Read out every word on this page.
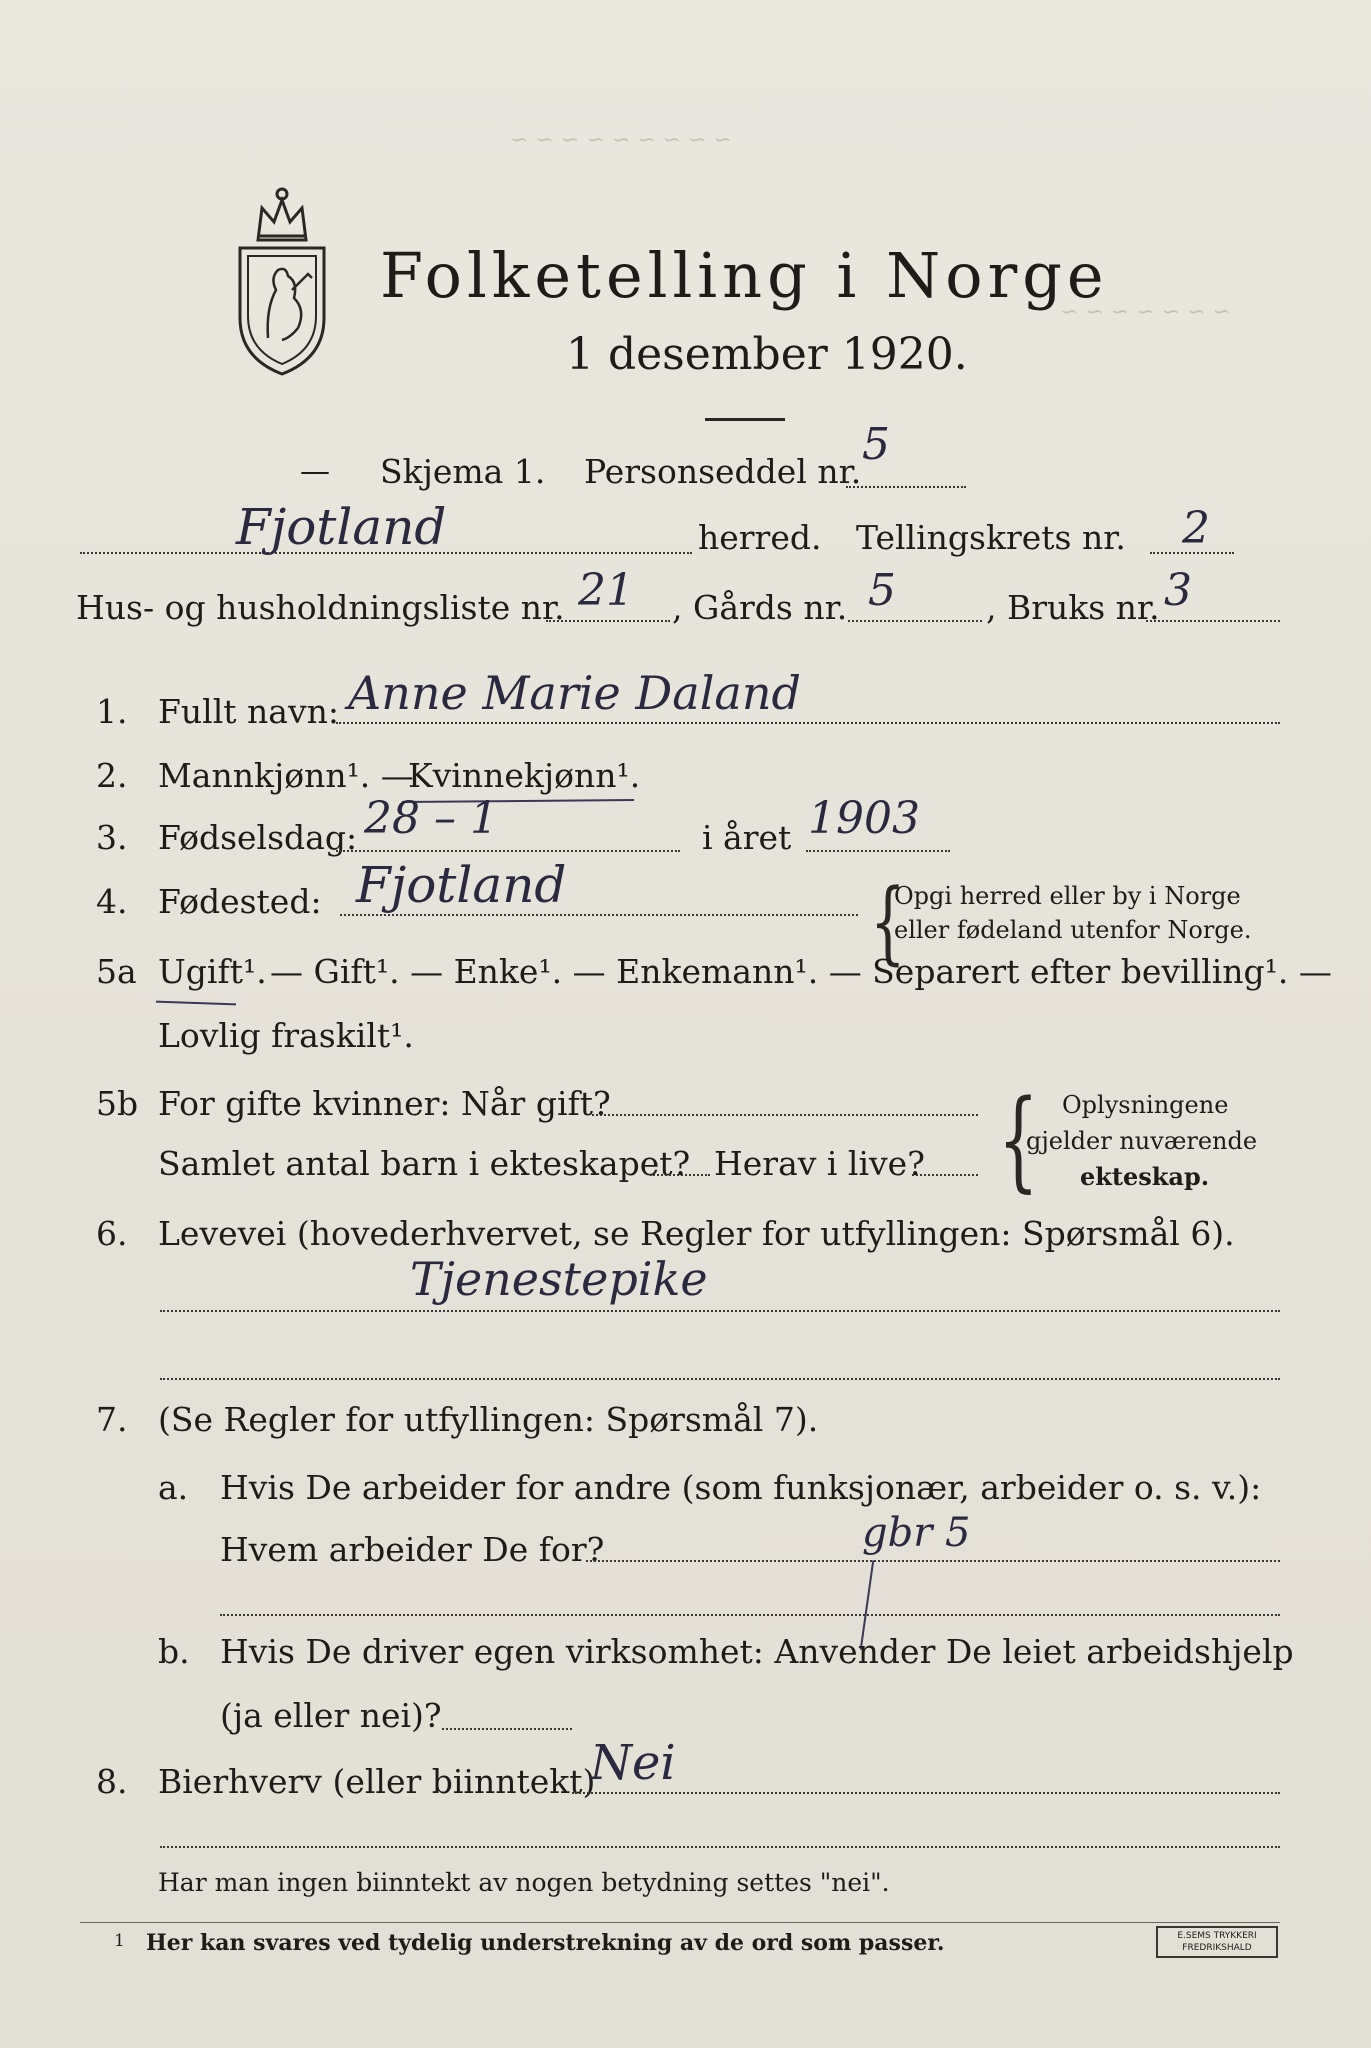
~ ~ ~ ~ ~ ~ ~ ~ ~
~ ~ ~ ~ ~ ~ ~
Folketelling i Norge
1 desember 1920.
— Skjema 1. Personseddel nr.
5
Fjotland	herred. Tellingskrets nr. 2
Hus- og husholdningsliste nr. 21 , Gårds nr. 5	, Bruks nr. 3
1. Fullt navn: Anne Marie Daland
2. Mannkjønn¹. —
Kvinnekjønn¹.
3. Fødselsdag: 28 – 1	i året 1903
4. Fødested: Fjotland	{
Opgi herred eller by i Norge
eller fødeland utenfor Norge.
5a Ugift¹. — Gift¹. — Enke¹. — Enkemann¹. — Separert efter bevilling¹. —
Lovlig fraskilt¹.
5b For gifte kvinner: Når gift?
Samlet antal barn i ekteskapet? Herav i live? { Oplysningene
gjelder nuværende
ekteskap.
6. Levevei (hovederhvervet, se Regler for utfyllingen: Spørsmål 6).
Tjenestepike
7. (Se Regler for utfyllingen: Spørsmål 7).
a. Hvis De arbeider for andre (som funksjonær, arbeider o. s. v.):
Hvem arbeider De for?	gbr 5
b. Hvis De driver egen virksomhet: Anvender De leiet arbeidshjelp
(ja eller nei)?
8. Bierhverv (eller biinntekt)
Nei
Har man ingen biinntekt av nogen betydning settes "nei".
1 Her kan svares ved tydelig understrekning av de ord som passer.	E.SEMS TRYKKERI
FREDRIKSHALD
